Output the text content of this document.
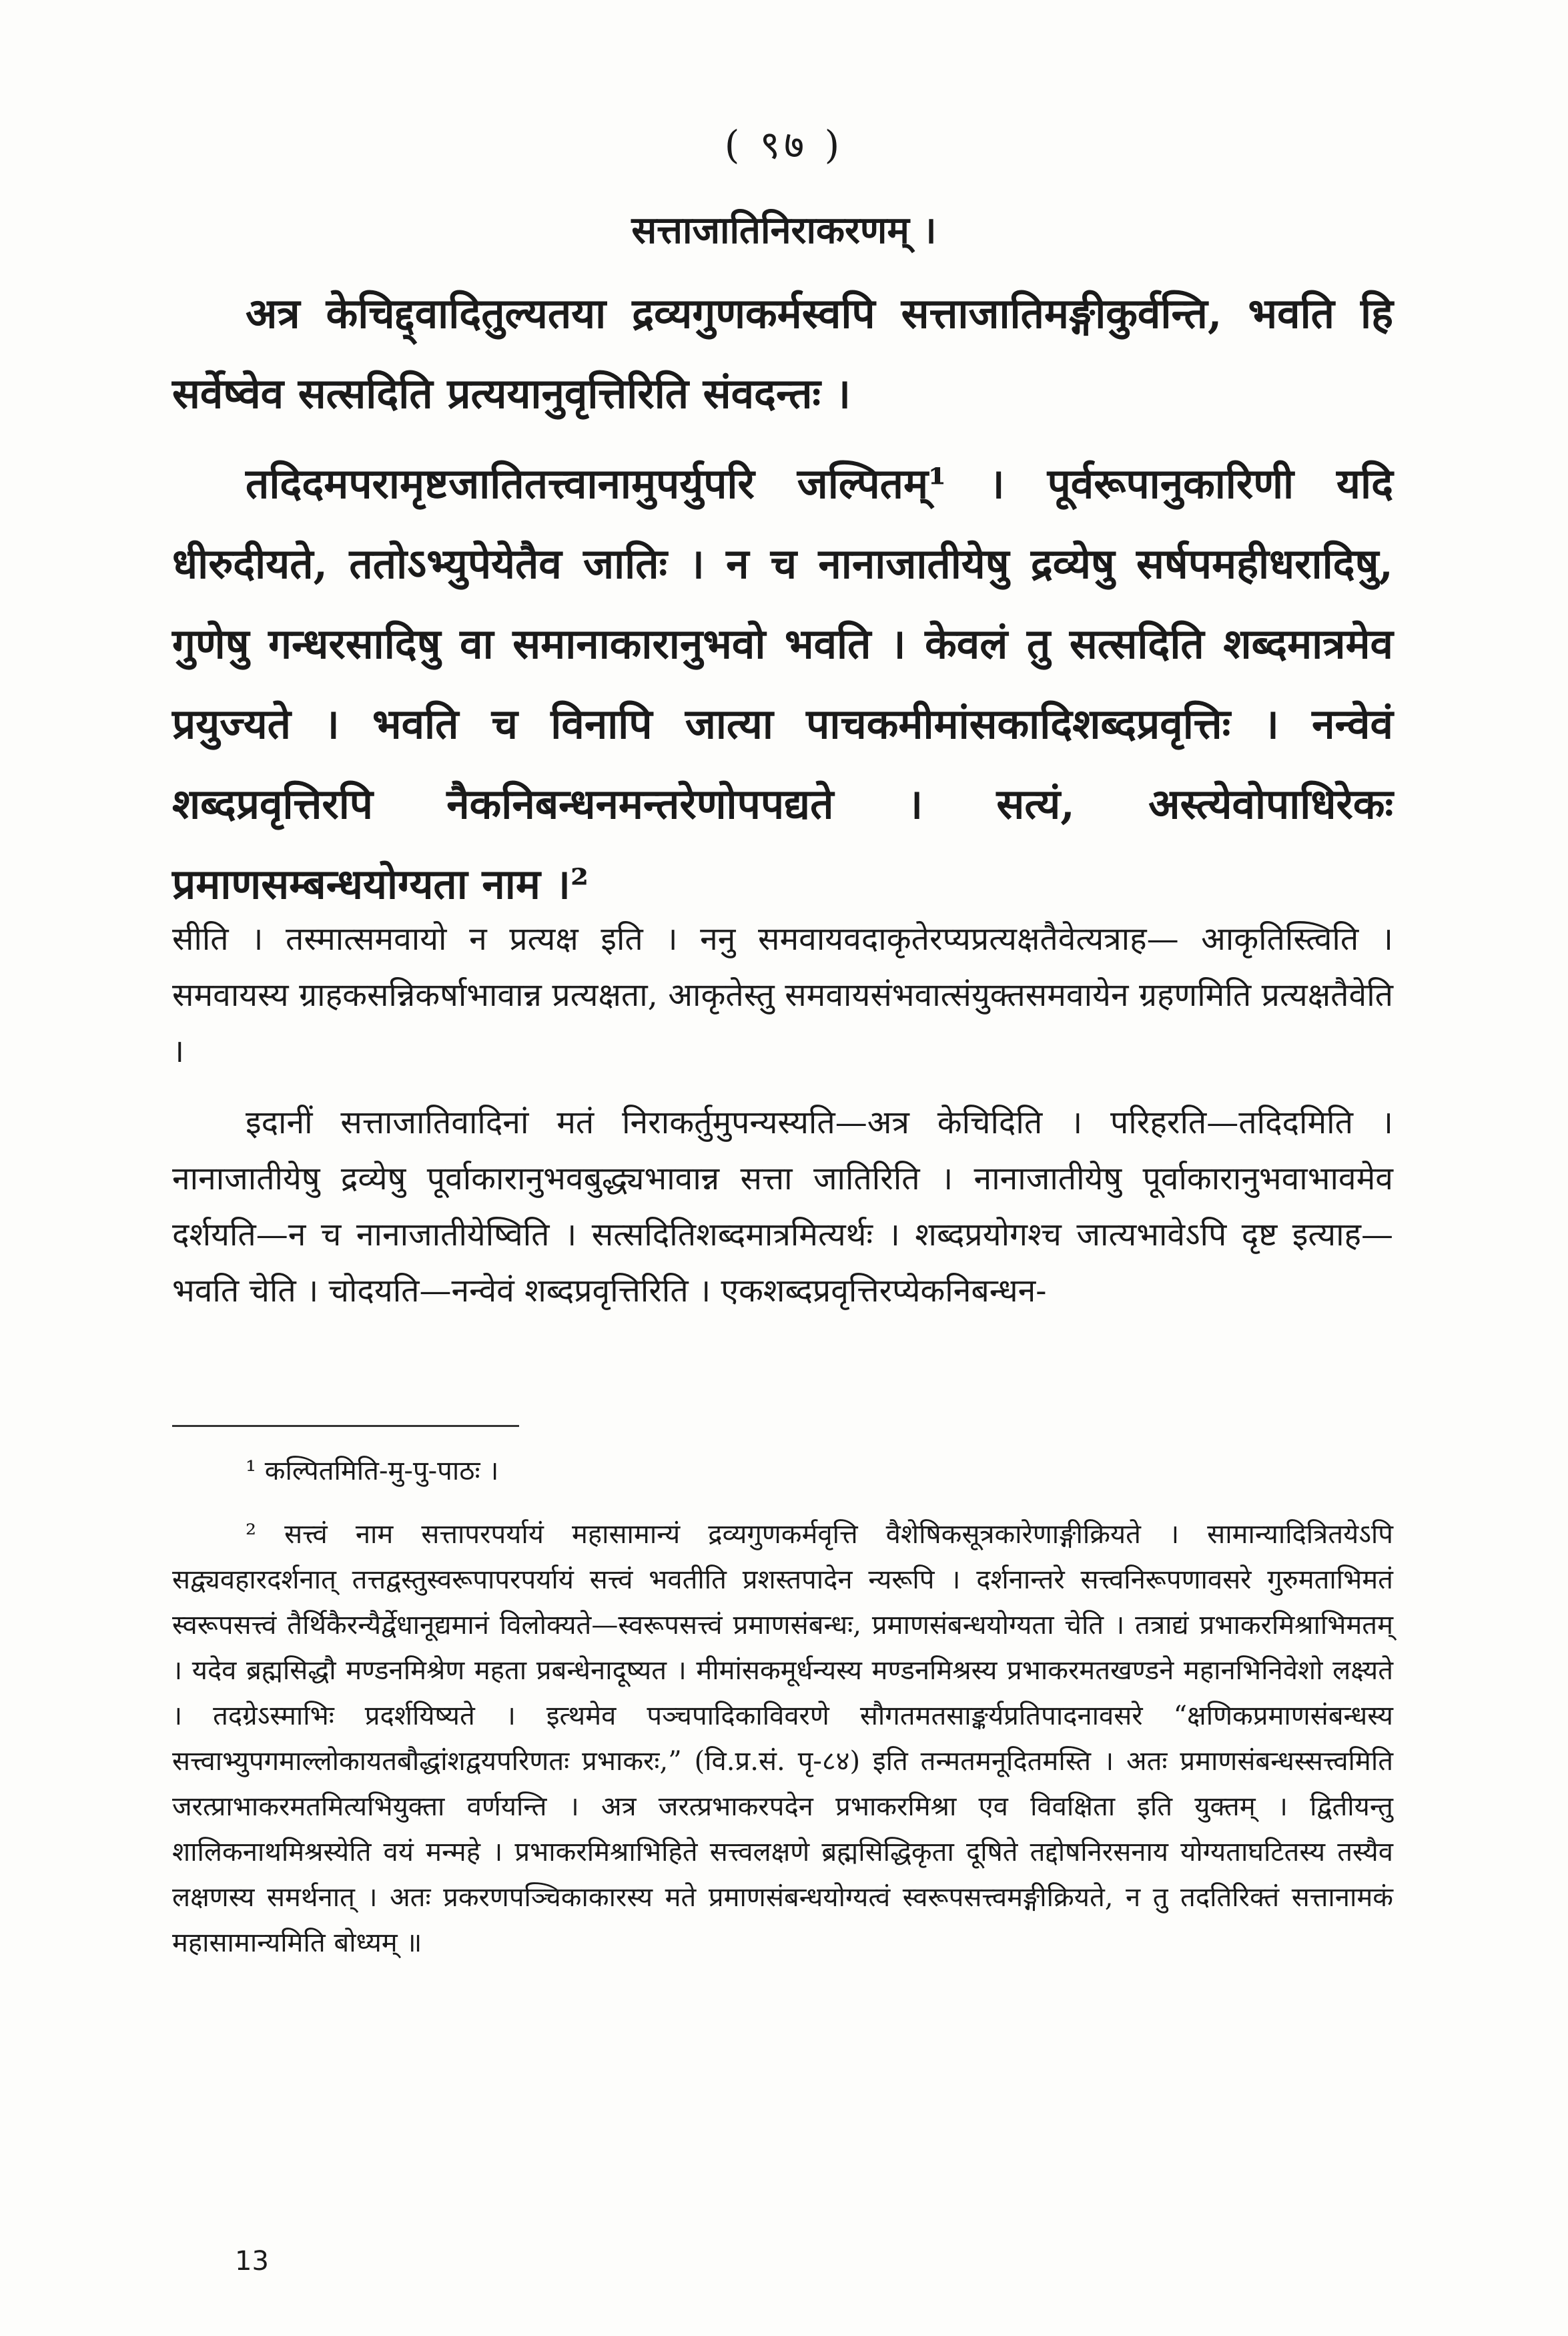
( ९७ )
सत्ताजातिनिराकरणम् ।

अत्र केचिद्द्वादितुल्यतया द्रव्यगुणकर्मस्वपि सत्ताजातिमङ्गीकुर्वन्ति, भवति हि सर्वेष्वेव सत्सदिति प्रत्ययानुवृत्तिरिति संवदन्तः ।

तदिदमपरामृष्टजातितत्त्वानामुपर्युपरि जल्पितम्¹ । पूर्वरूपानुकारिणी यदि धीरुदीयते, ततोऽभ्युपेयेतैव जातिः । न च नानाजातीयेषु द्रव्येषु सर्षपमहीधरादिषु, गुणेषु गन्धरसादिषु वा समानाकारानुभवो भवति । केवलं तु सत्सदिति शब्दमात्रमेव प्रयुज्यते । भवति च विनापि जात्या पाचकमीमांसकादिशब्दप्रवृत्तिः । नन्वेवं शब्दप्रवृत्तिरपि नैकनिबन्धनमन्तरेणोपपद्यते । सत्यं, अस्त्येवोपाधिरेकः प्रमाणसम्बन्धयोग्यता नाम ।²

सीति । तस्मात्समवायो न प्रत्यक्ष इति । ननु समवायवदाकृतेरप्यप्रत्यक्षतैवेत्यत्राह— आकृतिस्त्विति । समवायस्य ग्राहकसन्निकर्षाभावान्न प्रत्यक्षता, आकृतेस्तु समवायसंभवात्संयुक्तसमवायेन ग्रहणमिति प्रत्यक्षतैवेति ।

इदानीं सत्ताजातिवादिनां मतं निराकर्तुमुपन्यस्यति—अत्र केचिदिति । परिहरति—तदिदमिति । नानाजातीयेषु द्रव्येषु पूर्वाकारानुभवबुद्ध्यभावान्न सत्ता जातिरिति । नानाजातीयेषु पूर्वाकारानुभवाभावमेव दर्शयति—न च नानाजातीयेष्विति । सत्सदितिशब्दमात्रमित्यर्थः । शब्दप्रयोगश्च जात्यभावेऽपि दृष्ट इत्याह— भवति चेति । चोदयति—नन्वेवं शब्दप्रवृत्तिरिति । एकशब्दप्रवृत्तिरप्येकनिबन्धन-

¹ कल्पितमिति-मु-पु-पाठः ।

² सत्त्वं नाम सत्तापरपर्यायं महासामान्यं द्रव्यगुणकर्मवृत्ति वैशेषिकसूत्रकारेणाङ्गीक्रियते । सामान्यादित्रितयेऽपि सद्व्यवहारदर्शनात् तत्तद्वस्तुस्वरूपापरपर्यायं सत्त्वं भवतीति प्रशस्तपादेन न्यरूपि । दर्शनान्तरे सत्त्वनिरूपणावसरे गुरुमताभिमतं स्वरूपसत्त्वं तैर्थिकैरन्यैर्द्वेधानूद्यमानं विलोक्यते—स्वरूपसत्त्वं प्रमाणसंबन्धः, प्रमाणसंबन्धयोग्यता चेति । तत्राद्यं प्रभाकरमिश्राभिमतम् । यदेव ब्रह्मसिद्धौ मण्डनमिश्रेण महता प्रबन्धेनादूष्यत । मीमांसकमूर्धन्यस्य मण्डनमिश्रस्य प्रभाकरमतखण्डने महानभिनिवेशो लक्ष्यते । तदग्रेऽस्माभिः प्रदर्शयिष्यते । इत्थमेव पञ्चपादिकाविवरणे सौगतमतसाङ्कर्यप्रतिपादनावसरे “क्षणिकप्रमाणसंबन्धस्य सत्त्वाभ्युपगमाल्लोकायतबौद्धांशद्वयपरिणतः प्रभाकरः,” (वि.प्र.सं. पृ-८४) इति तन्मतमनूदितमस्ति । अतः प्रमाणसंबन्धस्सत्त्वमिति जरत्प्राभाकरमतमित्यभियुक्ता वर्णयन्ति । अत्र जरत्प्रभाकरपदेन प्रभाकरमिश्रा एव विवक्षिता इति युक्तम् । द्वितीयन्तु शालिकनाथमिश्रस्येति वयं मन्महे । प्रभाकरमिश्राभिहिते सत्त्वलक्षणे ब्रह्मसिद्धिकृता दूषिते तद्दोषनिरसनाय योग्यताघटितस्य तस्यैव लक्षणस्य समर्थनात् । अतः प्रकरणपञ्चिकाकारस्य मते प्रमाणसंबन्धयोग्यत्वं स्वरूपसत्त्वमङ्गीक्रियते, न तु तदतिरिक्तं सत्तानामकं महासामान्यमिति बोध्यम् ॥

13
